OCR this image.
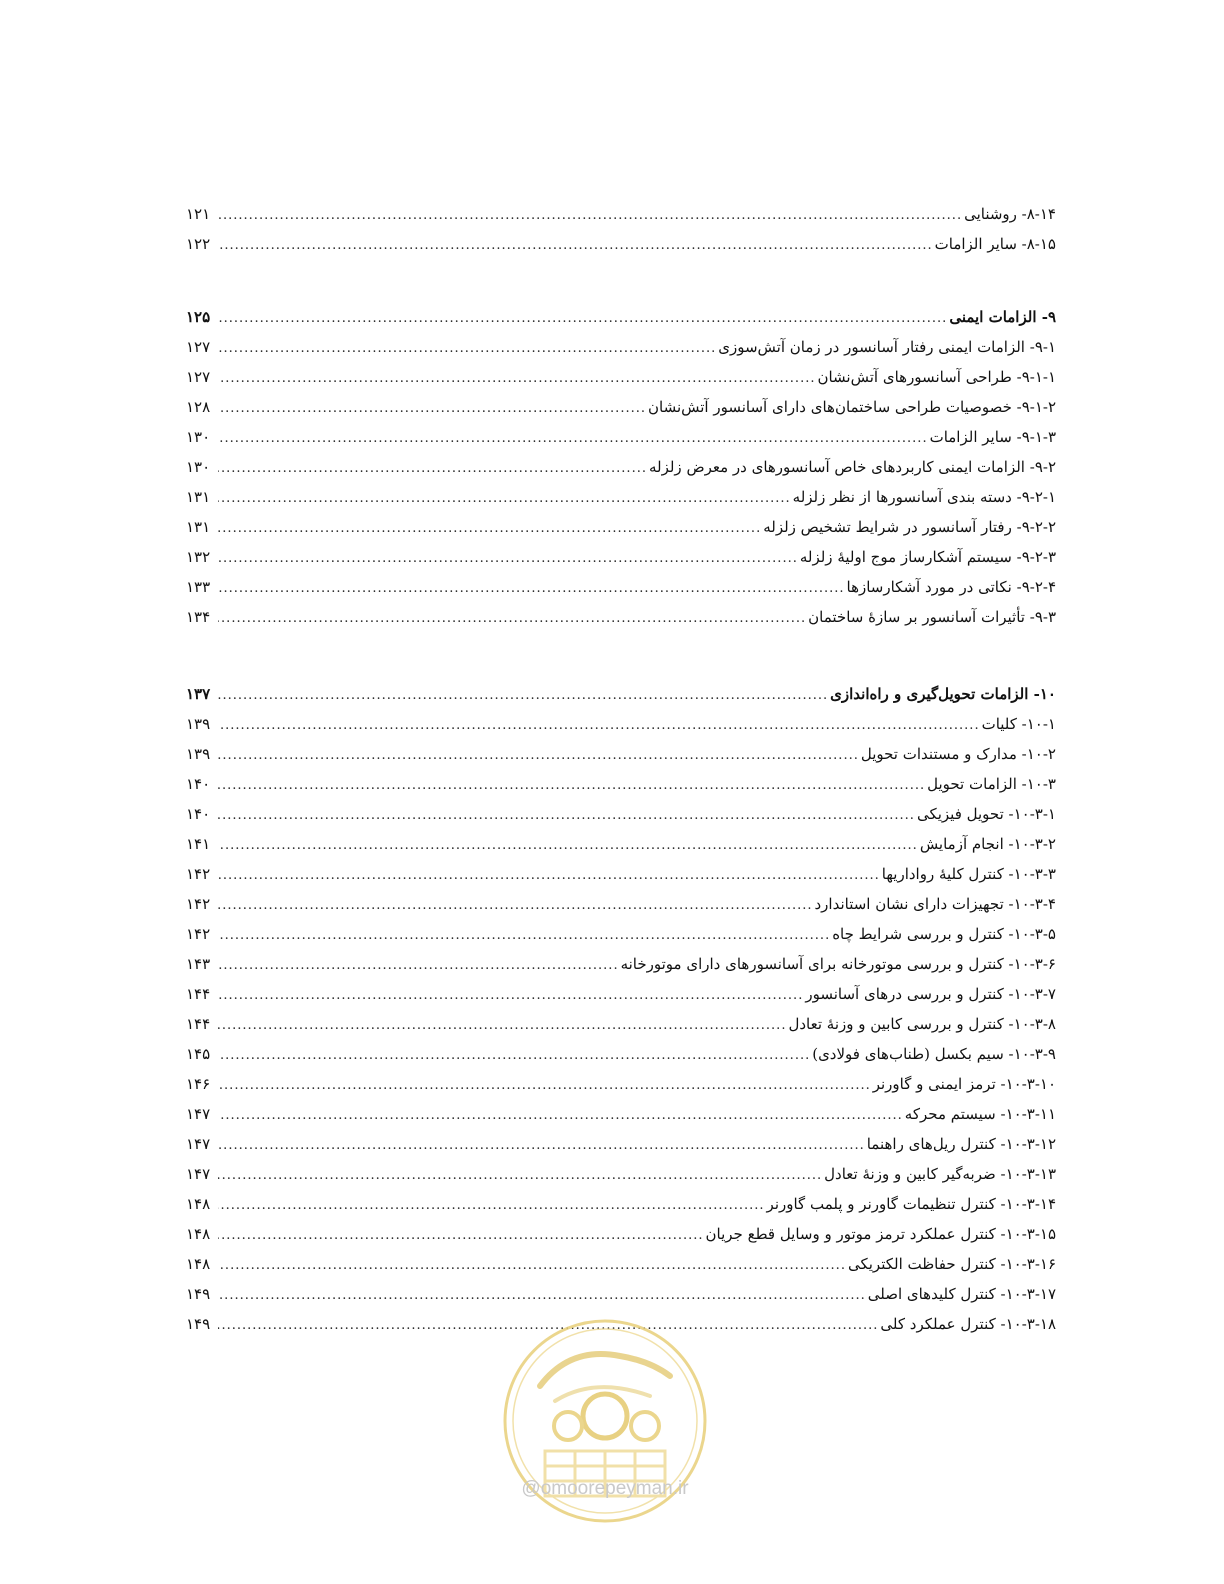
۸-۱۴- روشنایی
.....
۱۲۱
۸-۱۵- سایر الزامات
.....
۱۲۲
۹- الزامات ایمنی
.....
۱۲۵
۹-۱- الزامات ایمنی رفتار آسانسور در زمان آتش‌سوزی
.....
۱۲۷
۹-۱-۱- طراحی آسانسورهای آتش‌نشان
.....
۱۲۷
۹-۱-۲- خصوصیات طراحی ساختمان‌های دارای آسانسور آتش‌نشان
.....
۱۲۸
۹-۱-۳- سایر الزامات
.....
۱۳۰
۹-۲- الزامات ایمنی کاربردهای خاص آسانسورهای در معرض زلزله
.....
۱۳۰
۹-۲-۱- دسته بندی آسانسورها از نظر زلزله
.....
۱۳۱
۹-۲-۲- رفتار آسانسور در شرایط تشخیص زلزله
.....
۱۳۱
۹-۲-۳- سیستم آشکارساز موج اولیهٔ زلزله
.....
۱۳۲
۹-۲-۴- نکاتی در مورد آشکارسازها
.....
۱۳۳
۹-۳- تأثیرات آسانسور بر سازهٔ ساختمان
.....
۱۳۴
۱۰- الزامات تحویل‌گیری و راه‌اندازی
.....
۱۳۷
۱۰-۱- کلیات
.....
۱۳۹
۱۰-۲- مدارک و مستندات تحویل
.....
۱۳۹
۱۰-۳- الزامات تحویل
.....
۱۴۰
۱۰-۳-۱- تحویل فیزیکی
.....
۱۴۰
۱۰-۳-۲- انجام آزمایش
.....
۱۴۱
۱۰-۳-۳- کنترل کلیهٔ رواداریها
.....
۱۴۲
۱۰-۳-۴- تجهیزات دارای نشان استاندارد
.....
۱۴۲
۱۰-۳-۵- کنترل و بررسی شرایط چاه
.....
۱۴۲
۱۰-۳-۶- کنترل و بررسی موتورخانه برای آسانسورهای دارای موتورخانه
.....
۱۴۳
۱۰-۳-۷- کنترل و بررسی درهای آسانسور
.....
۱۴۴
۱۰-۳-۸- کنترل و بررسی کابین و وزنهٔ تعادل
.....
۱۴۴
۱۰-۳-۹- سیم بکسل (طناب‌های فولادی)
.....
۱۴۵
۱۰-۳-۱۰- ترمز ایمنی و گاورنر
.....
۱۴۶
۱۰-۳-۱۱- سیستم محرکه
.....
۱۴۷
۱۰-۳-۱۲- کنترل ریل‌های راهنما
.....
۱۴۷
۱۰-۳-۱۳- ضربه‌گیر کابین و وزنهٔ تعادل
.....
۱۴۷
۱۰-۳-۱۴- کنترل تنظیمات گاورنر و پلمب گاورنر
.....
۱۴۸
۱۰-۳-۱۵- کنترل عملکرد ترمز موتور و وسایل قطع جریان
.....
۱۴۸
۱۰-۳-۱۶- کنترل حفاظت الکتریکی
.....
۱۴۸
۱۰-۳-۱۷- کنترل کلیدهای اصلی
.....
۱۴۹
۱۰-۳-۱۸- کنترل عملکرد کلی
.....
۱۴۹
@omoorepeyman.ir
